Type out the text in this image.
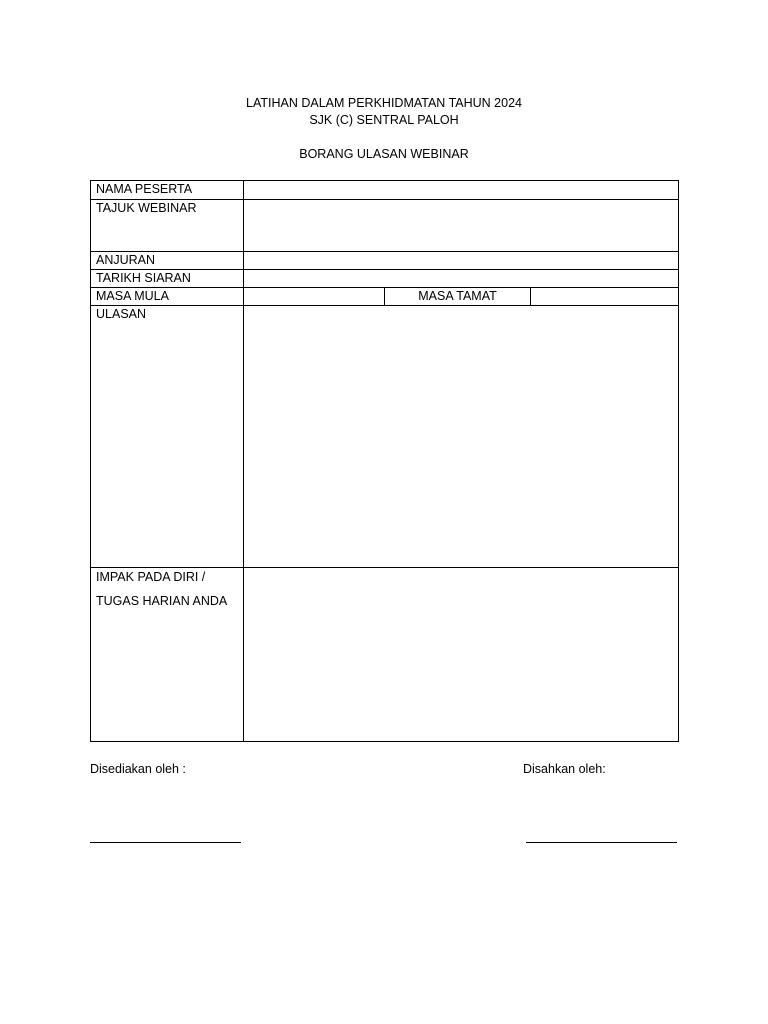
LATIHAN DALAM PERKHIDMATAN TAHUN 2024
SJK (C) SENTRAL PALOH
BORANG ULASAN WEBINAR
NAMA PESERTA			
TAJUK WEBINAR			
ANJURAN			
TARIKH SIARAN			
MASA MULA		MASA TAMAT	
ULASAN			

IMPAK PADA DIRI /
TUGAS HARIAN ANDA			

Disediakan oleh :	Disahkan oleh:
